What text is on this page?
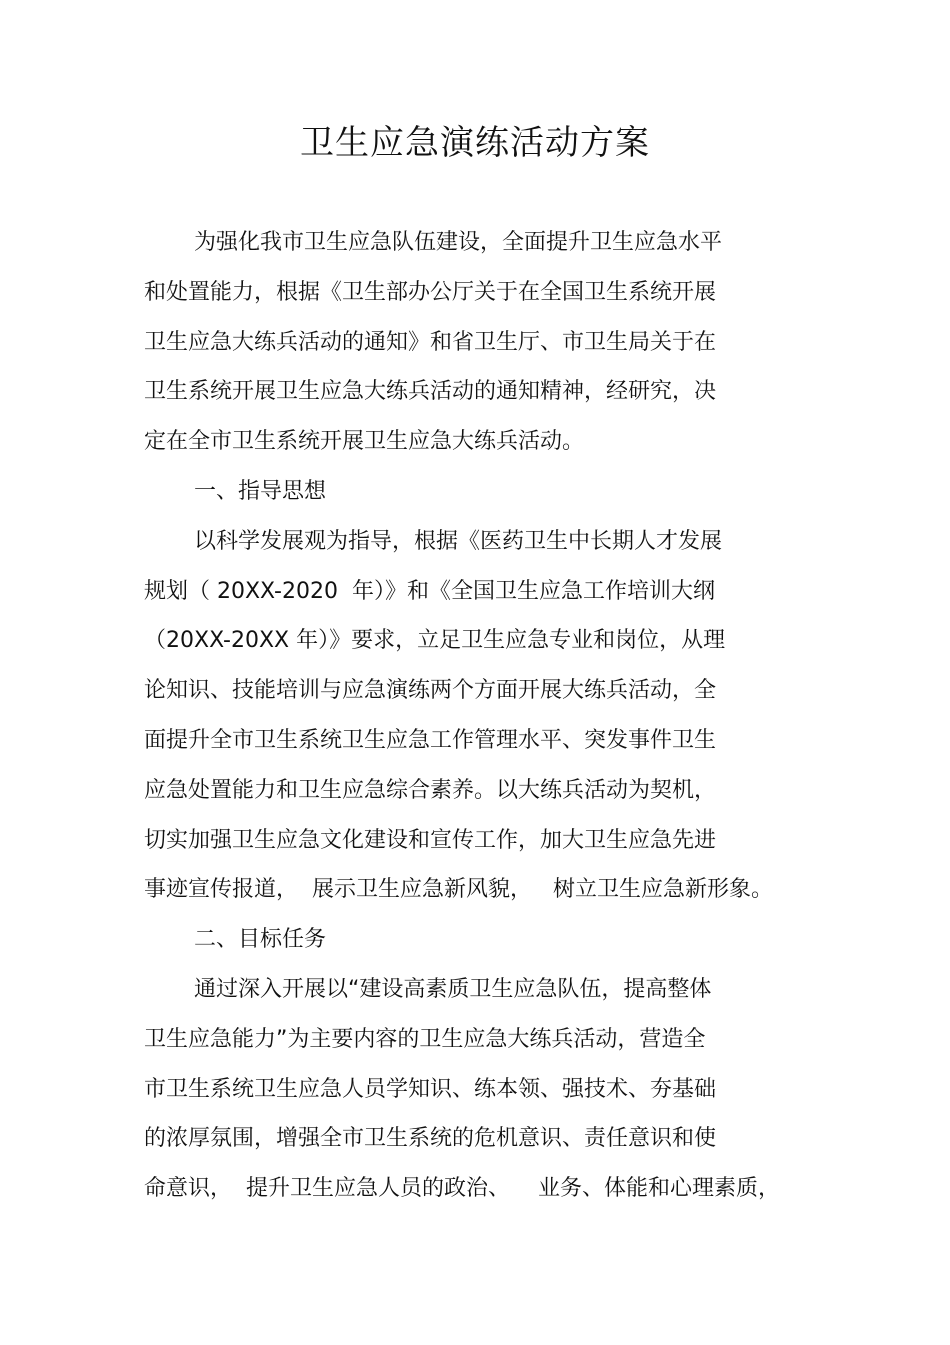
卫生应急演练活动方案
为强化我市卫生应急队伍建设，全面提升卫生应急水平
和处置能力，根据《卫生部办公厅关于在全国卫生系统开展
卫生应急大练兵活动的通知》和省卫生厅、市卫生局关于在
卫生系统开展卫生应急大练兵活动的通知精神，经研究，决
定在全市卫生系统开展卫生应急大练兵活动。
一、指导思想
以科学发展观为指导，根据《医药卫生中长期人才发展
规划（ 20XX-2020  年）》和《全国卫生应急工作培训大纲
（20XX-20XX 年）》要求，立足卫生应急专业和岗位，从理
论知识、技能培训与应急演练两个方面开展大练兵活动，全
面提升全市卫生系统卫生应急工作管理水平、突发事件卫生
应急处置能力和卫生应急综合素养。以大练兵活动为契机，
切实加强卫生应急文化建设和宣传工作，加大卫生应急先进
事迹宣传报道，  展示卫生应急新风貌，   树立卫生应急新形象。
二、目标任务
通过深入开展以“建设高素质卫生应急队伍，提高整体
卫生应急能力”为主要内容的卫生应急大练兵活动，营造全
市卫生系统卫生应急人员学知识、练本领、强技术、夯基础
的浓厚氛围，增强全市卫生系统的危机意识、责任意识和使
命意识，  提升卫生应急人员的政治、    业务、体能和心理素质，
